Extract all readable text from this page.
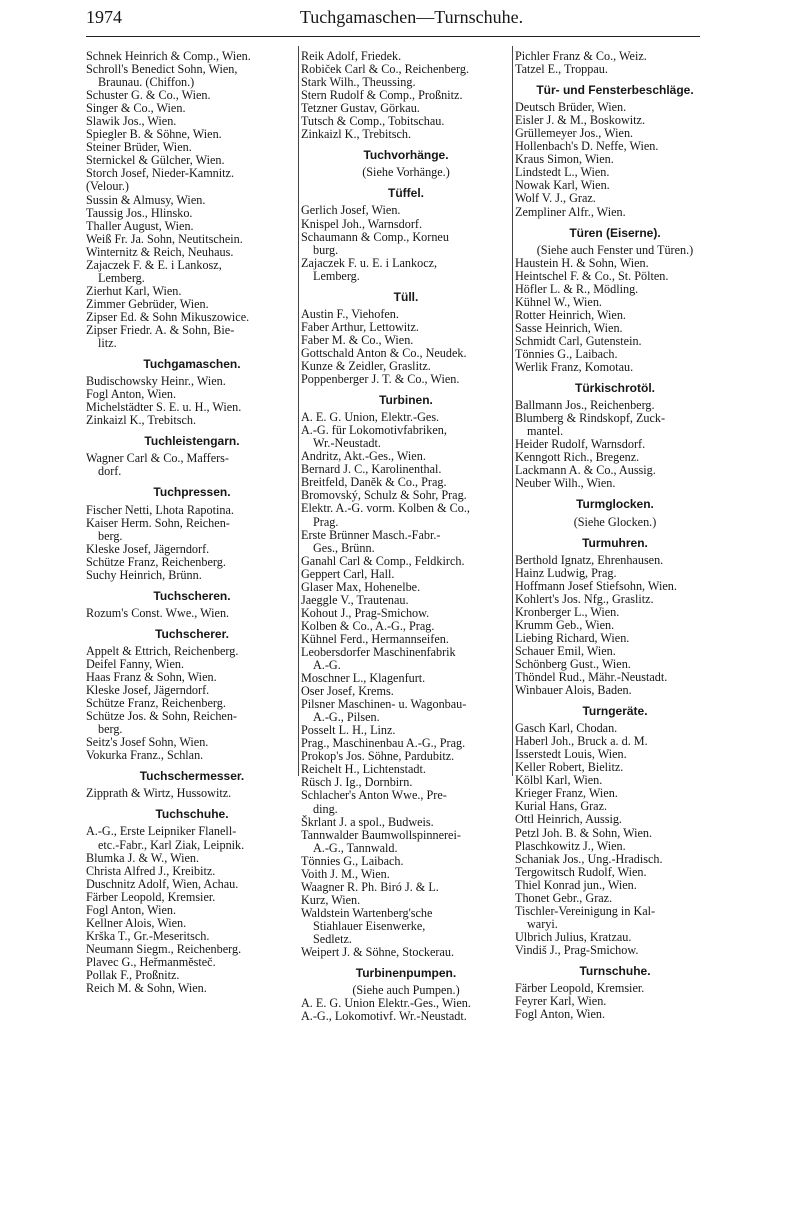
1974	Tuchgamaschen—Turnschuhe.
Schnek Heinrich & Comp., Wien.
Schroll's Benedict Sohn, Wien,
Braunau. (Chiffon.)
Schuster G. & Co., Wien.
Singer & Co., Wien.
Slawik Jos., Wien.
Spiegler B. & Söhne, Wien.
Steiner Brüder, Wien.
Sternickel & Gülcher, Wien.
Storch Josef, Nieder-Kamnitz.
(Velour.)
Sussin & Almusy, Wien.
Taussig Jos., Hlinsko.
Thaller August, Wien.
Weiß Fr. Ja. Sohn, Neutitschein.
Winternitz & Reich, Neuhaus.
Zajaczek F. & E. i Lankosz,
Lemberg.
Zierhut Karl, Wien.
Zimmer Gebrüder, Wien.
Zipser Ed. & Sohn Mikuszowice.
Zipser Friedr. A. & Sohn, Bie-
litz.
Tuchgamaschen.
Budischowsky Heinr., Wien.
Fogl Anton, Wien.
Michelstädter S. E. u. H., Wien.
Zinkaizl K., Trebitsch.
Tuchleistengarn.
Wagner Carl & Co., Maffers-
dorf.
Tuchpressen.
Fischer Netti, Lhota Rapotina.
Kaiser Herm. Sohn, Reichen-
berg.
Kleske Josef, Jägerndorf.
Schütze Franz, Reichenberg.
Suchy Heinrich, Brünn.
Tuchscheren.
Rozum's Const. Wwe., Wien.
Tuchscherer.
Appelt & Ettrich, Reichenberg.
Deifel Fanny, Wien.
Haas Franz & Sohn, Wien.
Kleske Josef, Jägerndorf.
Schütze Franz, Reichenberg.
Schütze Jos. & Sohn, Reichen-
berg.
Seitz's Josef Sohn, Wien.
Vokurka Franz., Schlan.
Tuchschermesser.
Zipprath & Wirtz, Hussowitz.
Tuchschuhe.
A.-G., Erste Leipniker Flanell-
etc.-Fabr., Karl Ziak, Leipnik.
Blumka J. & W., Wien.
Christa Alfred J., Kreibitz.
Duschnitz Adolf, Wien, Achau.
Färber Leopold, Kremsier.
Fogl Anton, Wien.
Kellner Alois, Wien.
Krška T., Gr.-Meseritsch.
Neumann Siegm., Reichenberg.
Plavec G., Heřmanměsteč.
Pollak F., Proßnitz.
Reich M. & Sohn, Wien.
Reik Adolf, Friedek.
Robiček Carl & Co., Reichenberg.
Stark Wilh., Theussing.
Stern Rudolf & Comp., Proßnitz.
Tetzner Gustav, Görkau.
Tutsch & Comp., Tobitschau.
Zinkaizl K., Trebitsch.
Tuchvorhänge.
(Siehe Vorhänge.)
Tüffel.
Gerlich Josef, Wien.
Knispel Joh., Warnsdorf.
Schaumann & Comp., Korneu
burg.
Zajaczek F. u. E. i Lankocz,
Lemberg.
Tüll.
Austin F., Viehofen.
Faber Arthur, Lettowitz.
Faber M. & Co., Wien.
Gottschald Anton & Co., Neudek.
Kunze & Zeidler, Graslitz.
Poppenberger J. T. & Co., Wien.
Turbinen.
A. E. G. Union, Elektr.-Ges.
A.-G. für Lokomotivfabriken,
Wr.-Neustadt.
Andritz, Akt.-Ges., Wien.
Bernard J. C., Karolinenthal.
Breitfeld, Daněk & Co., Prag.
Bromovský, Schulz & Sohr, Prag.
Elektr. A.-G. vorm. Kolben & Co.,
Prag.
Erste Brünner Masch.-Fabr.-
Ges., Brünn.
Ganahl Carl & Comp., Feldkirch.
Geppert Carl, Hall.
Glaser Max, Hohenelbe.
Jaeggle V., Trautenau.
Kohout J., Prag-Smichow.
Kolben & Co., A.-G., Prag.
Kühnel Ferd., Hermannseifen.
Leobersdorfer Maschinenfabrik
A.-G.
Moschner L., Klagenfurt.
Oser Josef, Krems.
Pilsner Maschinen- u. Wagonbau-
A.-G., Pilsen.
Posselt L. H., Linz.
Prag., Maschinenbau A.-G., Prag.
Prokop's Jos. Söhne, Pardubitz.
Reichelt H., Lichtenstadt.
Rüsch J. Ig., Dornbirn.
Schlacher's Anton Wwe., Pre-
ding.
Škrlant J. a spol., Budweis.
Tannwalder Baumwollspinnerei-
A.-G., Tannwald.
Tönnies G., Laibach.
Voith J. M., Wien.
Waagner R. Ph. Biró J. & L.
Kurz, Wien.
Waldstein Wartenberg'sche
Stiahlauer Eisenwerke,
Sedletz.
Weipert J. & Söhne, Stockerau.
Turbinenpumpen.
(Siehe auch Pumpen.)
A. E. G. Union Elektr.-Ges., Wien.
A.-G., Lokomotivf. Wr.-Neustadt.
Pichler Franz & Co., Weiz.
Tatzel E., Troppau.
Tür- und Fensterbeschläge.
Deutsch Brüder, Wien.
Eisler J. & M., Boskowitz.
Grüllemeyer Jos., Wien.
Hollenbach's D. Neffe, Wien.
Kraus Simon, Wien.
Lindstedt L., Wien.
Nowak Karl, Wien.
Wolf V. J., Graz.
Zempliner Alfr., Wien.
Türen (Eiserne).
(Siehe auch Fenster und Türen.)
Haustein H. & Sohn, Wien.
Heintschel F. & Co., St. Pölten.
Höfler L. & R., Mödling.
Kühnel W., Wien.
Rotter Heinrich, Wien.
Sasse Heinrich, Wien.
Schmidt Carl, Gutenstein.
Tönnies G., Laibach.
Werlik Franz, Komotau.
Türkischrotöl.
Ballmann Jos., Reichenberg.
Blumberg & Rindskopf, Zuck-
mantel.
Heider Rudolf, Warnsdorf.
Kenngott Rich., Bregenz.
Lackmann A. & Co., Aussig.
Neuber Wilh., Wien.
Turmglocken.
(Siehe Glocken.)
Turmuhren.
Berthold Ignatz, Ehrenhausen.
Hainz Ludwig, Prag.
Hoffmann Josef Stiefsohn, Wien.
Kohlert's Jos. Nfg., Graslitz.
Kronberger L., Wien.
Krumm Geb., Wien.
Liebing Richard, Wien.
Schauer Emil, Wien.
Schönberg Gust., Wien.
Thöndel Rud., Mähr.-Neustadt.
Winbauer Alois, Baden.
Turngeräte.
Gasch Karl, Chodan.
Haberl Joh., Bruck a. d. M.
Isserstedt Louis, Wien.
Keller Robert, Bielitz.
Kölbl Karl, Wien.
Krieger Franz, Wien.
Kurial Hans, Graz.
Ottl Heinrich, Aussig.
Petzl Joh. B. & Sohn, Wien.
Plaschkowitz J., Wien.
Schaniak Jos., Ung.-Hradisch.
Tergowitsch Rudolf, Wien.
Thiel Konrad jun., Wien.
Thonet Gebr., Graz.
Tischler-Vereinigung in Kal-
waryi.
Ulbrich Julius, Kratzau.
Vindiš J., Prag-Smichow.
Turnschuhe.
Färber Leopold, Kremsier.
Feyrer Karl, Wien.
Fogl Anton, Wien.
